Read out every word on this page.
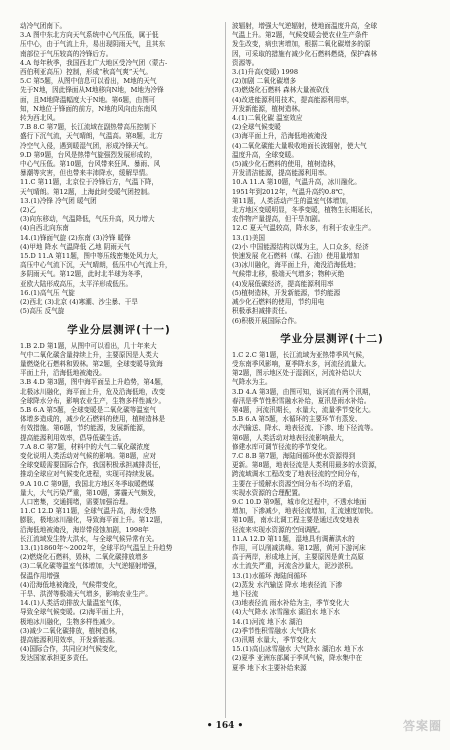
动冷气团南下。
3.A 图中东北方向天气系统中心气压低，属于低
压中心，由于气流上升，易出现阴雨天气，且其东
南部位于气压较高的冷锋后方。
4.A 每年秋季，我国西北广大地区受冷气团（蒙古-
西伯利亚高压）控制，形成“秋高气爽”天气。
5.C 第5题，从图中信息可以看出，M地的天气
先于N地，因此锋面从M地移向N地，M地为冷锋
面，且M地降温幅度大于N地。第6题，由图可
知，N地位于锋面的前方，N地的风向由东南风
转为西北风。
7.B 8.C 第7题，长江流域在副热带高压控制下
盛行下沉气流，天气晴朗，气温高。第8题，北方
冷空气入侵，遇到暖湿气团，形成冷锋天气。
9.D 第9题，台风是热带气旋强烈发展形成的，
中心气压低。第10题，台风带来狂风、暴雨、风
暴潮等灾害，但也带来丰沛降水，缓解旱情。
11.C 第11题，北京位于冷锋后方，气温下降，
天气晴朗。第12题，上海此时受暖气团控制。
13.(1)冷锋 冷气团 暖气团
(2)乙
(3)向东移动，气温降低，气压升高，风力增大
(4)自西北向东南
14.(1)锋面气旋 (2)东南 (3)冷锋 暖锋
(4)甲地 降水 气温降低 乙地 阴雨天气
15.D 11.A 第11题，图中等压线密集处风力大，
高压中心气流下沉，天气晴朗，低压中心气流上升，
多阴雨天气。第12题，此时北半球为冬季，
亚欧大陆形成高压，太平洋形成低压。
16.(1)高气压 气旋
(2)西北 (3)北京 (4)寒潮、沙尘暴、干旱
(5)高压 反气旋
学业分层测评(十一)
1.B 2.D 第1题，从图中可以看出，几十年来大
气中二氧化碳含量持续上升，主要原因是人类大
量燃烧化石燃料和毁林。第2题，全球变暖导致海
平面上升，沿海低地被淹没。
3.B 4.D 第3题，图中海平面呈上升趋势，第4题，
北极冰川融化，海平面上升，危及沿海低地，改变
全球降水分布，影响农业生产，生物多样性减少。
5.B 6.A 第5题，全球变暖是二氧化碳等温室气
体增多造成的，减少化石燃料的使用，植树造林是
有效措施。第6题，节约能源，发展新能源，
提高能源利用效率，倡导低碳生活。
7.A 8.C 第7题，材料中的大气二氧化碳浓度
变化说明人类活动对气候的影响。第8题，应对
全球变暖需要国际合作，我国积极承担减排责任，
推动全球应对气候变化进程，实现可持续发展。
9.A 10.C 第9题，我国北方地区冬季取暖燃煤
量大，大气污染严重，第10题，雾霾天气频发，
人口密集，交通拥堵，需要加强治理。
11.C 12.D 第11题，全球气温升高，海水受热
膨胀，极地冰川融化，导致海平面上升。第12题，
沿海低地被淹没，海岸带侵蚀加剧，1998年
长江流域发生特大洪水，与全球气候异常有关。
13.(1)1860年～2002年，全球平均气温呈上升趋势
(2)燃烧化石燃料，毁林，二氧化碳排放增多
(3)二氧化碳等温室气体增加，大气逆辐射增强，
保温作用增强
(4)沿海低地被淹没，气候带变化，
干旱、洪涝等极端天气增多，影响农业生产。
14.(1)人类活动排放大量温室气体，
导致全球气候变暖。(2)海平面上升，
极地冰川融化，生物多样性减少。
(3)减少二氧化碳排放，植树造林，
提高能源利用效率，开发新能源。
(4)国际合作，共同应对气候变化，
发达国家承担更多责任。
波辐射，增强大气逆辐射，使地面温度升高，全球
气温上升。第2题，气候变暖会使农业生产条件
发生改变，病虫害增加，根据二氧化碳增多的原
因，可采取的措施有减少化石燃料燃烧，保护森林
资源等。
3.(1)升高(变暖) 1998
(2)加剧 二氧化碳增多
(3)燃烧化石燃料 森林大量被砍伐
(4)改进能源利用技术，提高能源利用率，
开发新能源，植树造林。
4.(1)二氧化碳 温室效应
(2)全球气候变暖
(3)海平面上升，沿海低地被淹没
(4)二氧化碳能大量吸收地面长波辐射，使大气
温度升高，全球变暖。
(5)减少化石燃料的使用，植树造林，
开发清洁能源，提高能源利用率。
10.A 11.A 第10题，气温升高，冰川融化。
1951年到2012年，气温升高约0.8℃，
第11题，人类活动产生的温室气体增加，
北方地区变暖明显，冬季变暖，植物生长期延长，
农作物产量提高，但干旱加剧。
12.C 夏天气温较高，降水多，有利于农业生产。
13.(1)美国
(2)小 中国能源结构以煤为主，人口众多，经济
快速发展 化石燃料（煤、石油）使用量增加
(3)冰川融化，海平面上升，淹没沿海低地；
气候带北移，极端天气增多；物种灭绝
(4)发展低碳经济，提高能源利用率
(5)植树造林，开发新能源，节约能源
减少化石燃料的使用，节约用电
积极承担减排责任。
(6)积极开展国际合作。
学业分层测评(十二)
1.C 2.C 第1题，长江流域为亚热带季风气候，
受东南季风影响，夏季降水多，河流径流量大。
第2题，图示地区处于湿润区，河流补给以大
气降水为主。
3.D 4.A 第3题，由图可知，该河流有两个汛期，
春汛是季节性积雪融水补给，夏汛是雨水补给。
第4题，河流汛期长，水量大，流量季节变化大。
5.B 6.A 第5题，水循环的主要环节有蒸发、
水汽输送、降水、地表径流、下渗、地下径流等。
第6题，人类活动对地表径流影响最大，
修建水库可调节径流的季节变化。
7.C 8.B 第7题，海陆间循环使水资源得到
更新。第8题，地表径流是人类利用最多的水资源，
跨流域调水工程改变了地表径流的空间分布，
主要在于缓解水资源空间分布不均的矛盾，
实现水资源的合理配置。
9.C 10.D 第9题，城市化过程中，不透水地面
增加，下渗减少，地表径流增加，汇流速度加快。
第10题，南水北调工程主要是通过改变地表
径流来实现水资源的空间调配。
11.A 12.D 第11题，湿地具有调蓄洪水的
作用，可以削减洪峰。第12题，黄河下游河床
高于两岸，形成地上河，主要原因是黄土高原
水土流失严重，河流含沙量大，泥沙淤积。
13.(1)水循环 海陆间循环
(2)蒸发 水汽输送 降水 地表径流 下渗
地下径流
(3)地表径流 雨水补给为主，季节变化大
(4)大气降水 冰雪融水 湖泊水 地下水
14.(1)河流 地下水 湖泊
(2)季节性积雪融水 大气降水
(3)汛期 水量大，季节变化大
15.(1)高山冰雪融水 大气降水 湖泊水 地下水
(2)夏季 亚洲东部属于季风气候，降水集中在
夏季 地下水主要补给来源
• 164 •	答案圈
